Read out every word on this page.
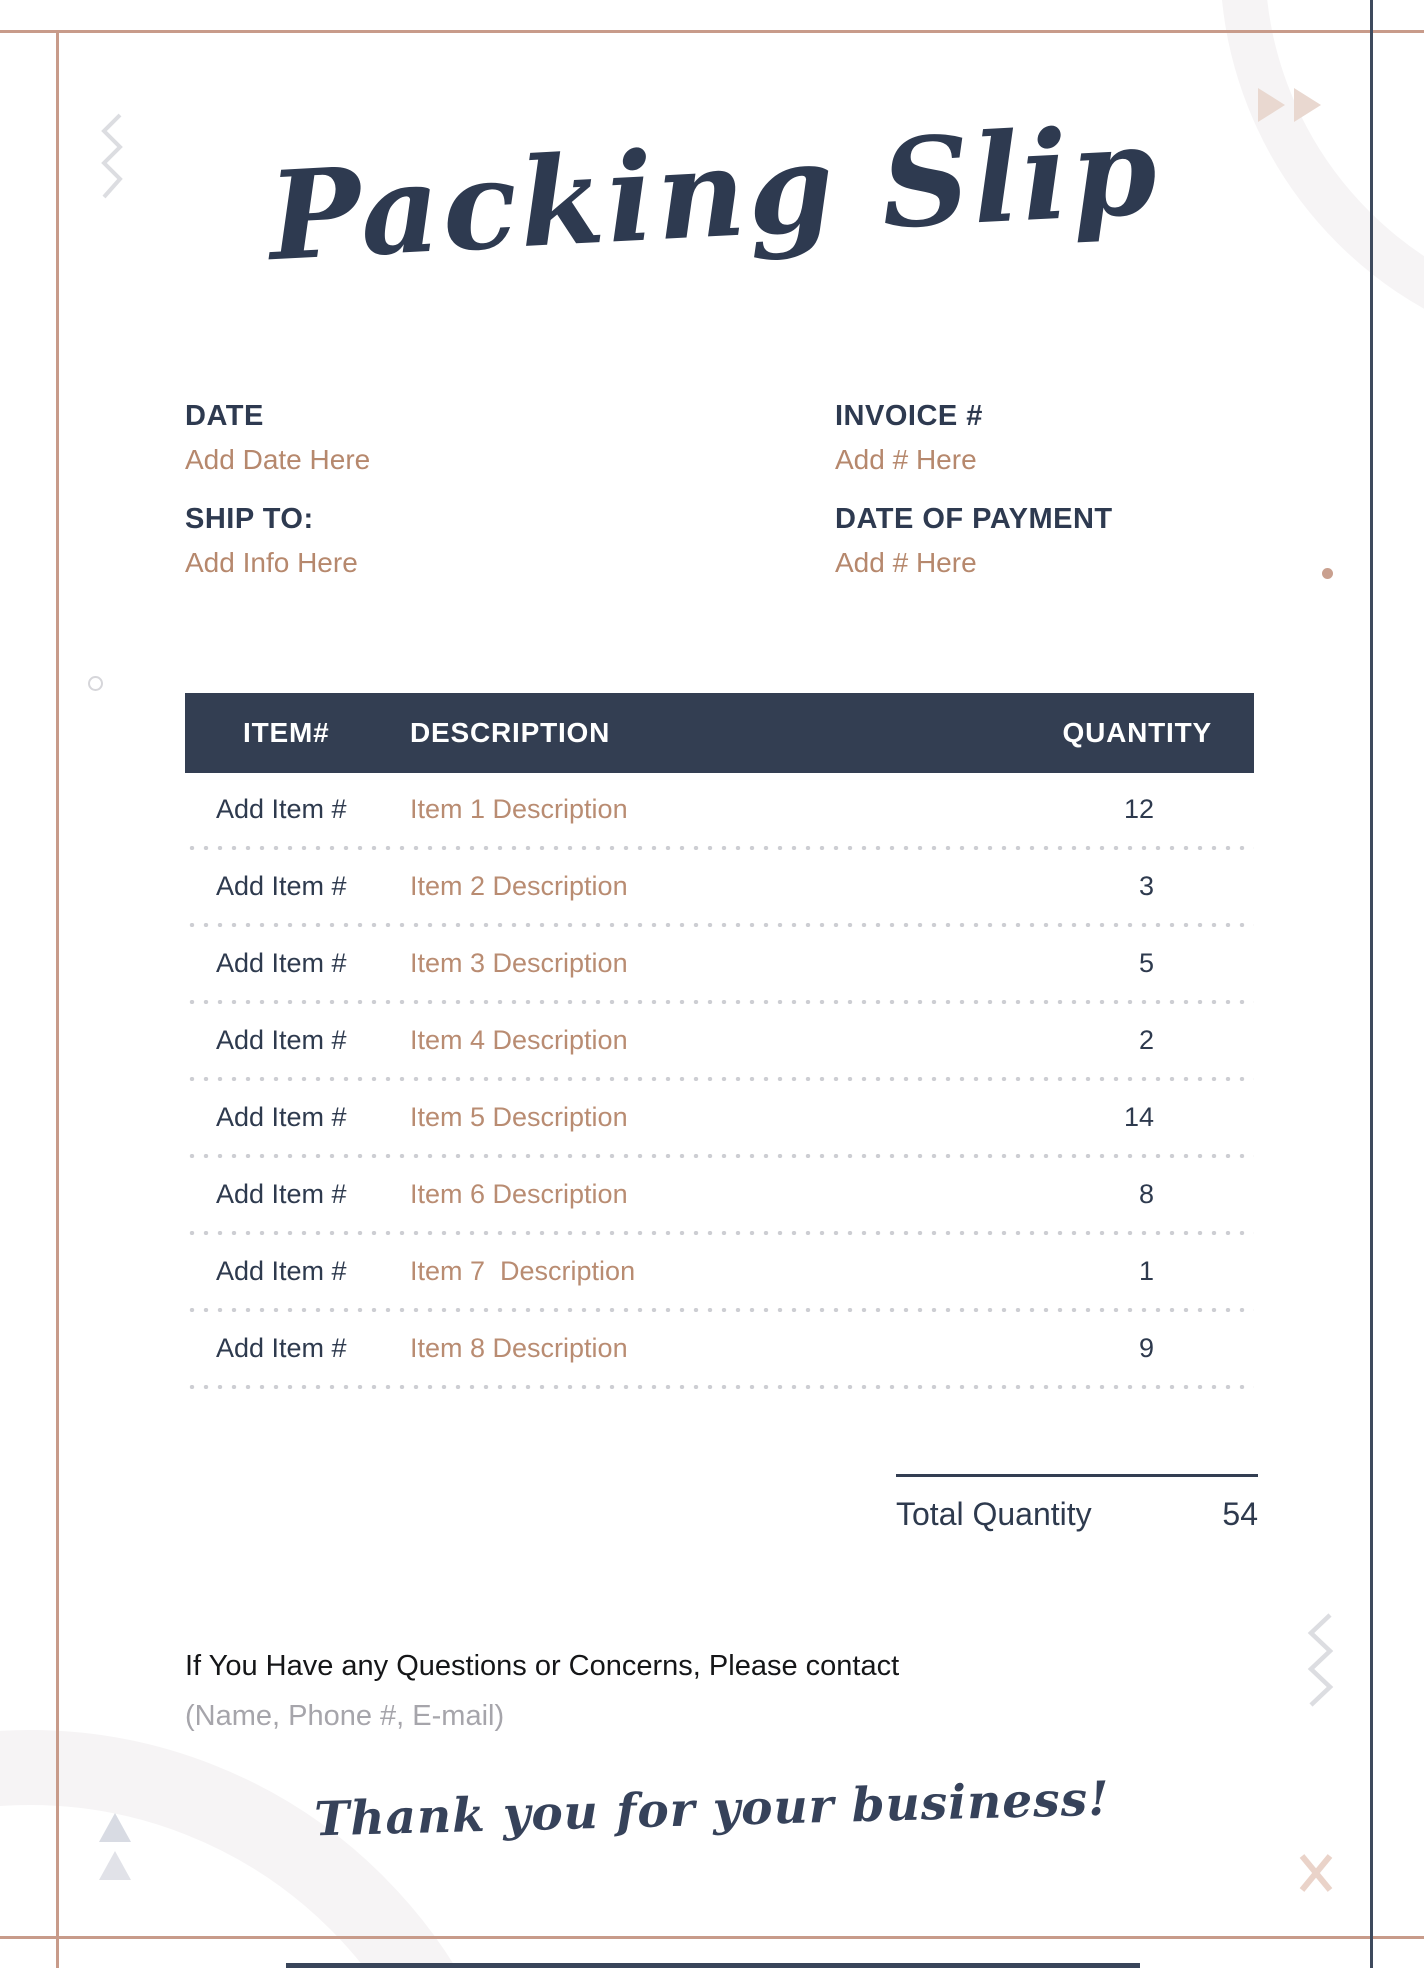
Packing Slip
DATE
Add Date Here
INVOICE #
Add # Here
SHIP TO:
Add Info Here
DATE OF PAYMENT
Add # Here
ITEM#	DESCRIPTION	QUANTITY
Add Item #	Item 1 Description	12
Add Item #	Item 2 Description	3
Add Item #	Item 3 Description	5
Add Item #	Item 4 Description	2
Add Item #	Item 5 Description	14
Add Item #	Item 6 Description	8
Add Item #	Item 7  Description	1
Add Item #	Item 8 Description	9
Total Quantity	54
If You Have any Questions or Concerns, Please contact
(Name, Phone #, E-mail)
Thank you for your business!
